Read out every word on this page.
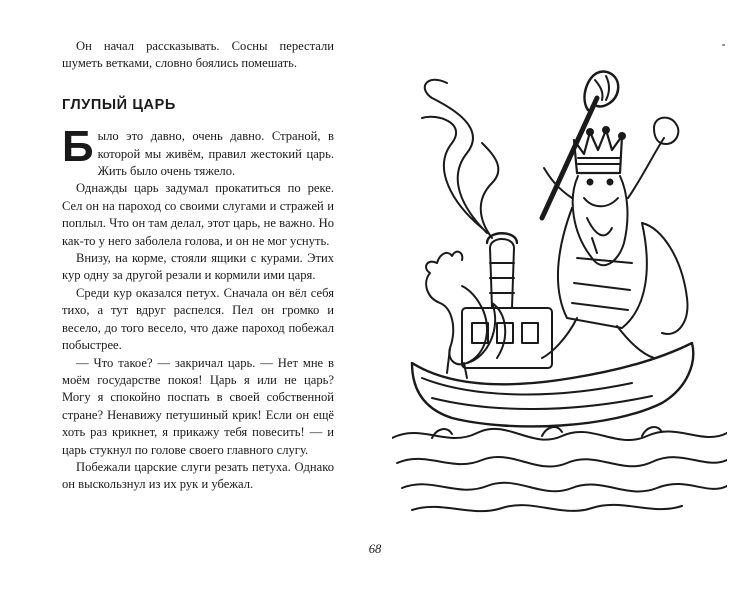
Он начал рассказывать. Сосны перестали шуметь ветками, словно боялись помешать.

ГЛУПЫЙ ЦАРЬ

Было это давно, очень давно. Страной, в которой мы живём, правил жестокий царь. Жить было очень тяжело.

Однажды царь задумал прокатиться по реке. Сел он на пароход со своими слугами и стражей и поплыл. Что он там делал, этот царь, не важно. Но как-то у него заболела голова, и он не мог уснуть.

Внизу, на корме, стояли ящики с курами. Этих кур одну за другой резали и кормили ими царя.

Среди кур оказался петух. Сначала он вёл себя тихо, а тут вдруг распелся. Пел он громко и весело, до того весело, что даже пароход побежал побыстрее.

— Что такое? — закричал царь. — Нет мне в моём государстве покоя! Царь я или не царь? Могу я спокойно поспать в своей собственной стране? Ненавижу петушиный крик! Если он ещё хоть раз крикнет, я прикажу тебя повесить! — и царь стукнул по голове своего главного слугу.

Побежали царские слуги резать петуха. Однако он выскользнул из их рук и убежал.

68
